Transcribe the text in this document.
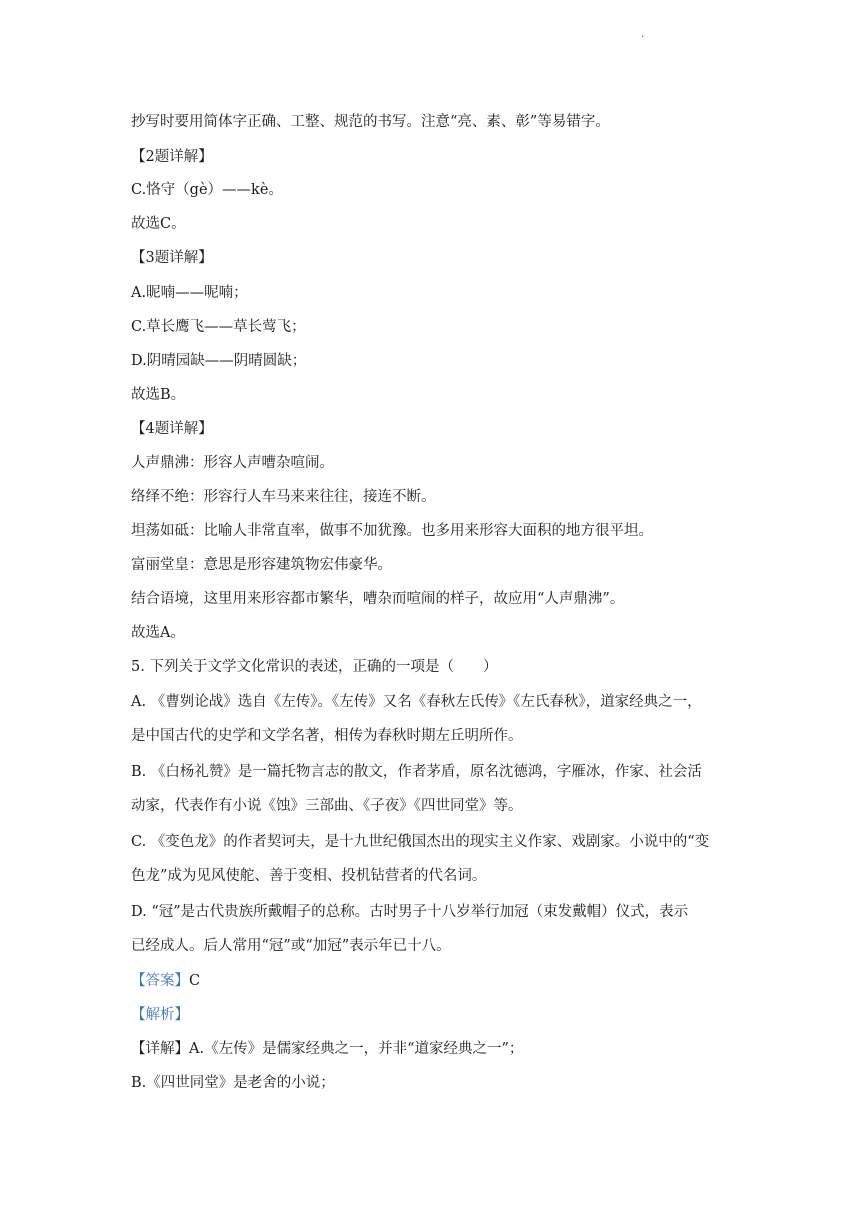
·
抄写时要用简体字正确、工整、规范的书写。注意“亮、素、彰”等易错字。
【2题详解】
C.恪守（gè）——kè。
故选C。
【3题详解】
A.昵喃——呢喃；
C.草长鹰飞——草长莺飞；
D.阴晴园缺——阴晴圆缺；
故选B。
【4题详解】
人声鼎沸：形容人声嘈杂喧闹。
络绎不绝：形容行人车马来来往往，接连不断。
坦荡如砥：比喻人非常直率，做事不加犹豫。也多用来形容大面积的地方很平坦。
富丽堂皇：意思是形容建筑物宏伟豪华。
结合语境，这里用来形容都市繁华，嘈杂而喧闹的样子，故应用“人声鼎沸”。
故选A。
5. 下列关于文学文化常识的表述，正确的一项是（　　）
A. 《曹刿论战》选自《左传》。《左传》又名《春秋左氏传》《左氏春秋》，道家经典之一，
是中国古代的史学和文学名著，相传为春秋时期左丘明所作。
B. 《白杨礼赞》是一篇托物言志的散文，作者茅盾，原名沈德鸿，字雁冰，作家、社会活
动家，代表作有小说《蚀》三部曲、《子夜》《四世同堂》等。
C. 《变色龙》的作者契诃夫，是十九世纪俄国杰出的现实主义作家、戏剧家。小说中的“变
色龙”成为见风使舵、善于变相、投机钻营者的代名词。
D. “冠”是古代贵族所戴帽子的总称。古时男子十八岁举行加冠（束发戴帽）仪式，表示
已经成人。后人常用“冠”或“加冠”表示年已十八。
【答案】C
【解析】
【详解】A.《左传》是儒家经典之一，并非“道家经典之一”；
B.《四世同堂》是老舍的小说；
